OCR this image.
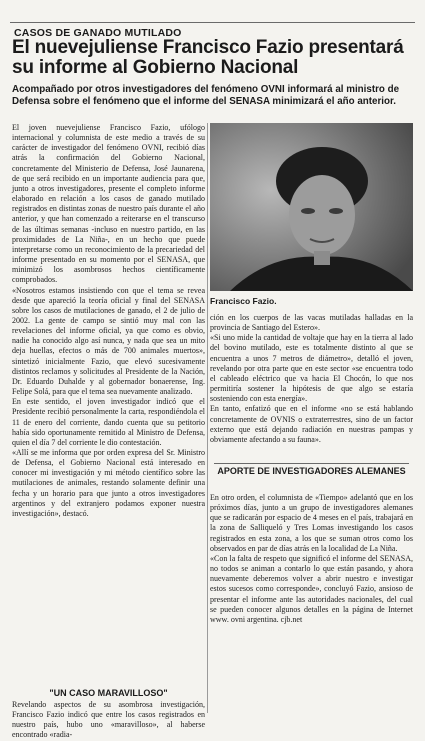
CASOS DE GANADO MUTILADO
El nuevejuliense Francisco Fazio presentará su informe al Gobierno Nacional
Acompañado por otros investigadores del fenómeno OVNI informará al ministro de Defensa sobre el fenómeno que el informe del SENASA minimizará el año anterior.
El joven nuevejuliense Francisco Fazio, ufólogo internacional y columnista de este medio a través de su carácter de investigador del fenómeno OVNI, recibió días atrás la confirmación del Gobierno Nacional, concretamente del Ministerio de Defensa, José Jaunarena, de que será recibido en un importante audiencia para que, junto a otros investigadores, presente el completo informe elaborado en relación a los casos de ganado mutilado registrados en distintas zonas de nuestro país durante el año anterior, y que han comenzado a reiterarse en el transcurso de las últimas semanas -incluso en nuestro partido, en las proximidades de La Niña-, en un hecho que puede interpretarse como un reconocimiento de la precariedad del informe presentado en su momento por el SENASA, que minimizó los asombrosos hechos científicamente comprobados.
«Nosotros estamos insistiendo con que el tema se revea desde que apareció la teoría oficial y final del SENASA sobre los casos de mutilaciones de ganado, el 2 de julio de 2002. La gente de campo se sintió muy mal con las revelaciones del informe oficial, ya que como es obvio, nadie ha conocido algo así nunca, y nada que sea un mito deja huellas, efectos o más de 700 animales muertos», sintetizó inicialmente Fazio, que elevó sucesivamente distintos reclamos y solicitudes al Presidente de la Nación, Dr. Eduardo Duhalde y al gobernador bonaerense, Ing. Felipe Solá, para que el tema sea nuevamente analizado.
En este sentido, el joven investigador indicó que el Presidente recibió personalmente la carta, respondiéndola el 11 de enero del corriente, dando cuenta que su petitorio había sido oportunamente remitido al Ministro de Defensa, quien el día 7 del corriente le dio contestación.
«Allí se me informa que por orden expresa del Sr. Ministro de Defensa, el Gobierno Nacional está interesado en conocer mi investigación y mi método científico sobre las mutilaciones de animales, restando solamente definir una fecha y un horario para que junto a otros investigadores argentinos y del extranjero podamos exponer nuestra investigación», destacó.
"UN CASO MARAVILLOSO"
Revelando aspectos de su asombrosa investigación, Francisco Fazio indicó que entre los casos registrados en nuestro país, hubo uno «maravilloso», al haberse encontrado «radia-
Francisco Fazio.
ción en los cuerpos de las vacas mutiladas halladas en la provincia de Santiago del Estero».
«Si uno mide la cantidad de voltaje que hay en la tierra al lado del bovino mutilado, este es totalmente distinto al que se encuentra a unos 7 metros de diámetro», detalló el joven, revelando por otra parte que en este sector «se encuentra todo el cableado eléctrico que va hacia El Chocón, lo que nos permitiría sostener la hipótesis de que algo se estaría sosteniendo con esta energía».
En tanto, enfatizó que en el informe «no se está hablando concretamente de OVNIS o extraterrestres, sino de un factor externo que está dejando radiación en nuestras pampas y obviamente afectando a su fauna».
APORTE DE INVESTIGADORES ALEMANES
En otro orden, el columnista de «Tiempo» adelantó que en los próximos días, junto a un grupo de investigadores alemanes que se radicarán por espacio de 4 meses en el país, trabajará en la zona de Salliqueló y Tres Lomas investigando los casos registrados en esta zona, a los que se suman otros como los observados en par de días atrás en la localidad de La Niña.
«Con la falta de respeto que significó el informe del SENASA, no todos se animan a contarlo lo que están pasando, y ahora nuevamente deberemos volver a abrir nuestro e investigar estos sucesos como corresponde», concluyó Fazio, ansioso de presentar el informe ante las autoridades nacionales, del cual se pueden conocer algunos detalles en la página de Internet www. ovni argentina. cjb.net
